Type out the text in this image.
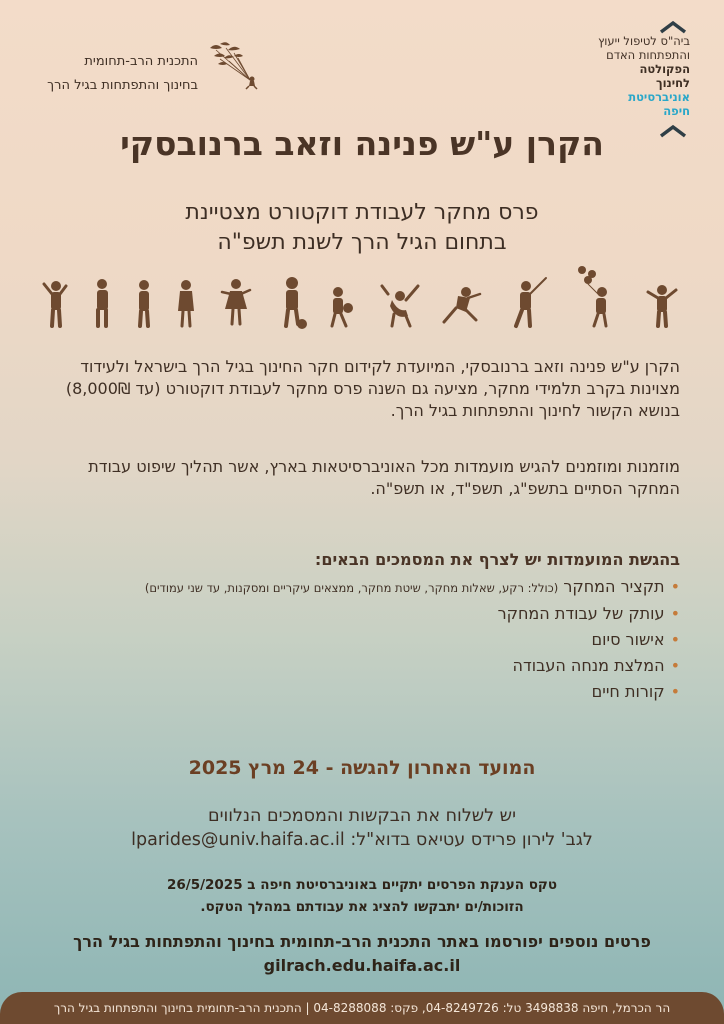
התכנית הרב-תחומית
בחינוך והתפתחות בגיל הרך
ביה"ס לטיפול ייעוץ
והתפתחות האדם
הפקולטה
לחינוך
אוניברסיטת
חיפה
הקרן ע"ש פנינה וזאב ברנובסקי
פרס מחקר לעבודת דוקטורט מצטיינת
בתחום הגיל הרך לשנת תשפ"ה
הקרן ע"ש פנינה וזאב ברנובסקי, המיועדת לקידום חקר החינוך בגיל הרך בישראל ולעידוד מצוינות בקרב תלמידי מחקר, מציעה גם השנה פרס מחקר לעבודת דוקטורט (עד 8,000₪) בנושא הקשור לחינוך והתפתחות בגיל הרך.
מוזמנות ומוזמנים להגיש מועמדות מכל האוניברסיטאות בארץ, אשר תהליך שיפוט עבודת המחקר הסתיים בתשפ"ג, תשפ"ד, או תשפ"ה.
בהגשת המועמדות יש לצרף את המסמכים הבאים:
•תקציר המחקר (כולל: רקע, שאלות מחקר, שיטת מחקר, ממצאים עיקריים ומסקנות, עד שני עמודים)
•עותק של עבודת המחקר
•אישור סיום
•המלצת מנחה העבודה
•קורות חיים
המועד האחרון להגשה - 24 מרץ 2025
יש לשלוח את הבקשות והמסמכים הנלווים
לגב' לירון פרידס עטיאס בדוא"ל: lparides@univ.haifa.ac.il
טקס הענקת הפרסים יתקיים באוניברסיטת חיפה ב 26/5/2025
הזוכות/ים יתבקשו להציג את עבודתם במהלך הטקס.
פרטים נוספים יפורסמו באתר התכנית הרב-תחומית בחינוך והתפתחות בגיל הרך
gilrach.edu.haifa.ac.il
הר הכרמל, חיפה 3498838 טל: 04-8249726, פקס: 04-8288088 | התכנית הרב-תחומית בחינוך והתפתחות בגיל הרך
